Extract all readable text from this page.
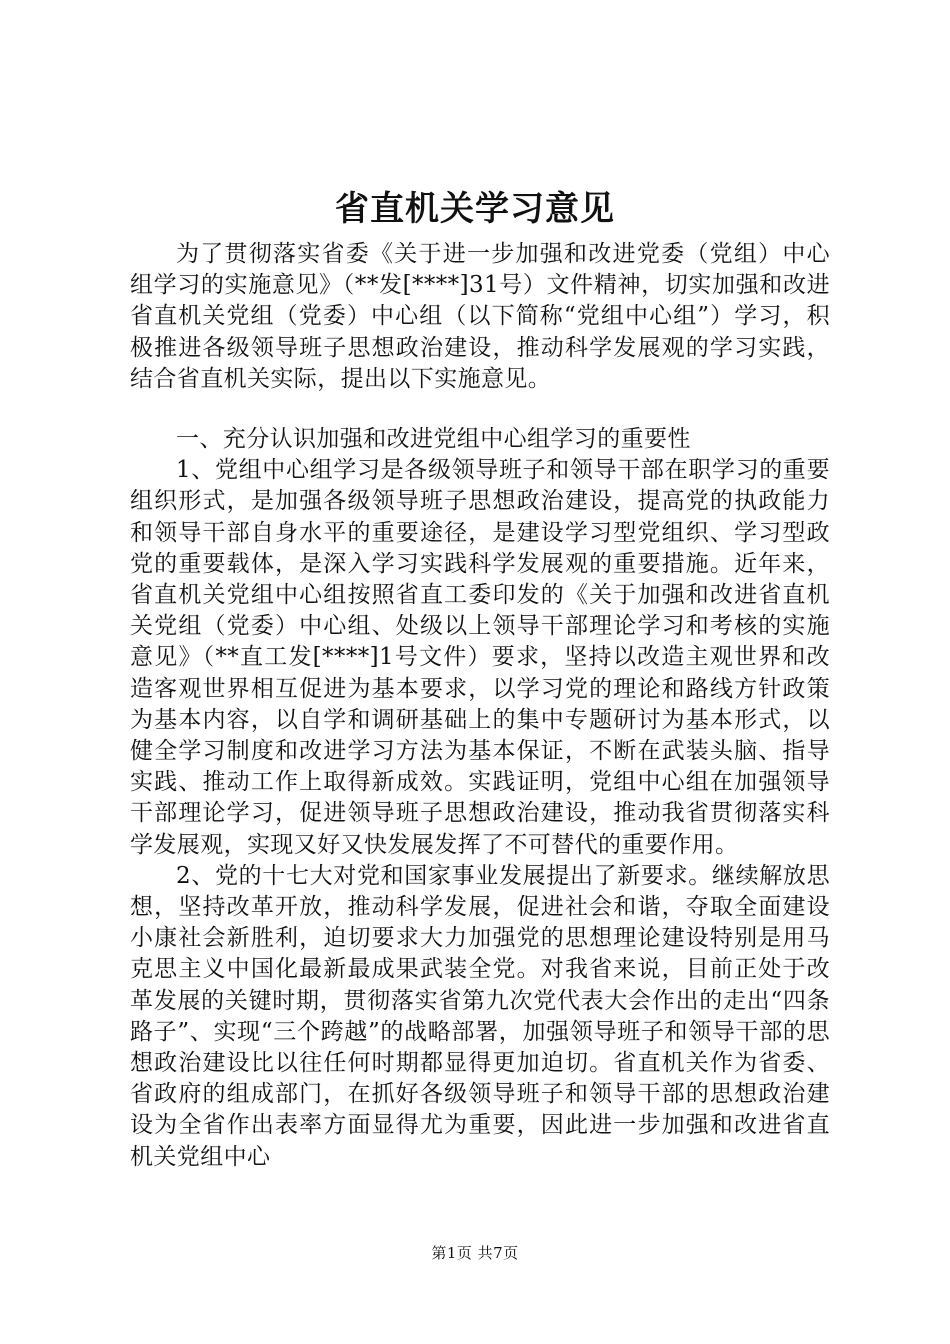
省直机关学习意见

为了贯彻落实省委《关于进一步加强和改进党委（党组）中心组学习的实施意见》（**发[****]31号）文件精神，切实加强和改进省直机关党组（党委）中心组（以下简称“党组中心组”）学习，积极推进各级领导班子思想政治建设，推动科学发展观的学习实践，结合省直机关实际，提出以下实施意见。

一、充分认识加强和改进党组中心组学习的重要性

1、党组中心组学习是各级领导班子和领导干部在职学习的重要组织形式，是加强各级领导班子思想政治建设，提高党的执政能力和领导干部自身水平的重要途径，是建设学习型党组织、学习型政党的重要载体，是深入学习实践科学发展观的重要措施。近年来，省直机关党组中心组按照省直工委印发的《关于加强和改进省直机关党组（党委）中心组、处级以上领导干部理论学习和考核的实施意见》（**直工发[****]1号文件）要求，坚持以改造主观世界和改造客观世界相互促进为基本要求，以学习党的理论和路线方针政策为基本内容，以自学和调研基础上的集中专题研讨为基本形式，以健全学习制度和改进学习方法为基本保证，不断在武装头脑、指导实践、推动工作上取得新成效。实践证明，党组中心组在加强领导干部理论学习，促进领导班子思想政治建设，推动我省贯彻落实科学发展观，实现又好又快发展发挥了不可替代的重要作用。

2、党的十七大对党和国家事业发展提出了新要求。继续解放思想，坚持改革开放，推动科学发展，促进社会和谐，夺取全面建设小康社会新胜利，迫切要求大力加强党的思想理论建设特别是用马克思主义中国化最新最成果武装全党。对我省来说，目前正处于改革发展的关键时期，贯彻落实省第九次党代表大会作出的走出“四条路子”、实现“三个跨越”的战略部署，加强领导班子和领导干部的思想政治建设比以往任何时期都显得更加迫切。省直机关作为省委、省政府的组成部门，在抓好各级领导班子和领导干部的思想政治建设为全省作出表率方面显得尤为重要，因此进一步加强和改进省直机关党组中心

第1页 共7页
